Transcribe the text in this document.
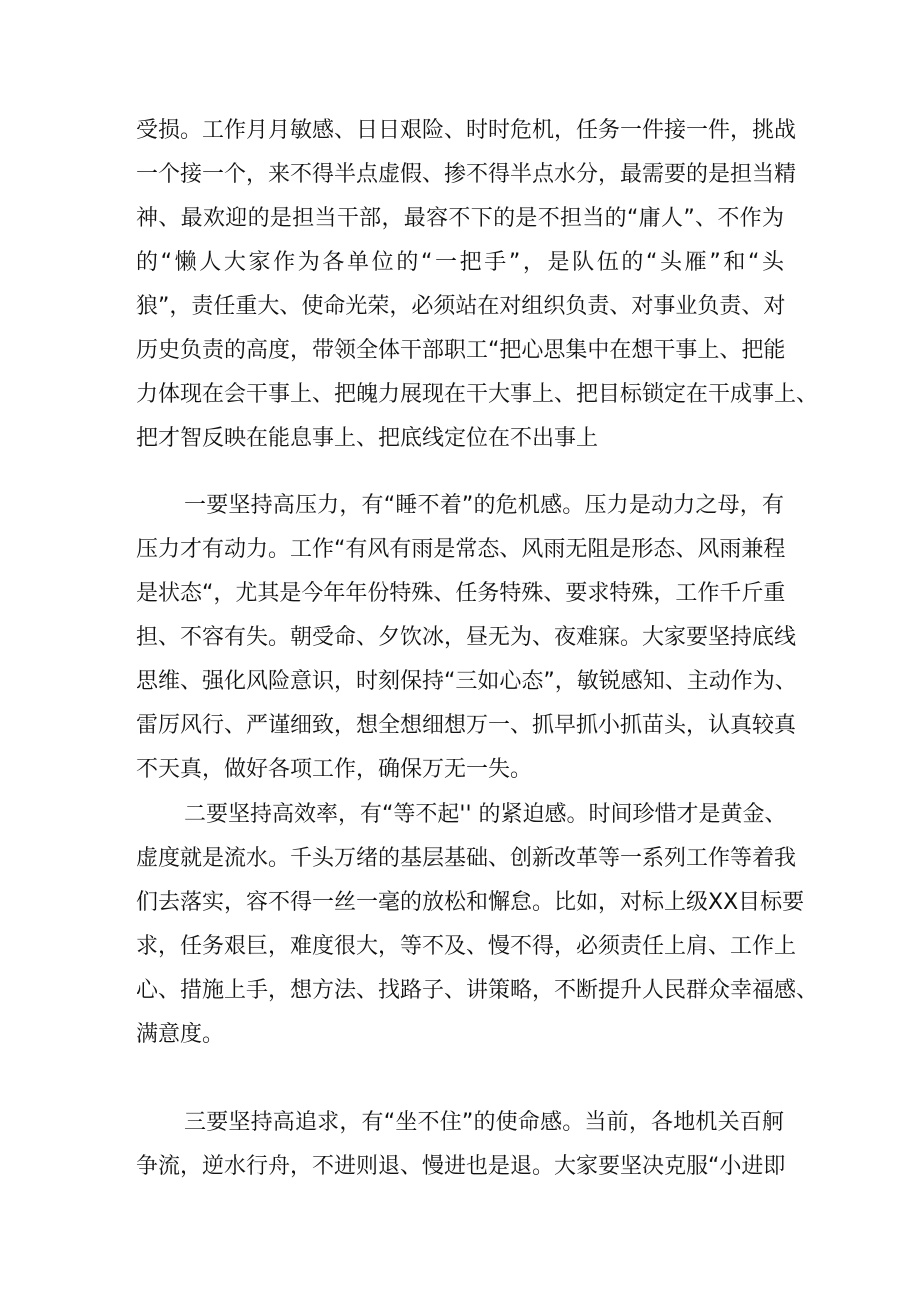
受损。工作月月敏感、日日艰险、时时危机，任务一件接一件，挑战
一个接一个，来不得半点虚假、掺不得半点水分，最需要的是担当精
神、最欢迎的是担当干部，最容不下的是不担当的“庸人”、不作为
的“懒人大家作为各单位的“一把手”，是队伍的“头雁”和“头
狼”，责任重大、使命光荣，必须站在对组织负责、对事业负责、对
历史负责的高度，带领全体干部职工“把心思集中在想干事上、把能
力体现在会干事上、把魄力展现在干大事上、把目标锁定在干成事上、
把才智反映在能息事上、把底线定位在不出事上
一要坚持高压力，有“睡不着”的危机感。压力是动力之母，有
压力才有动力。工作“有风有雨是常态、风雨无阻是形态、风雨兼程
是状态“，尤其是今年年份特殊、任务特殊、要求特殊，工作千斤重
担、不容有失。朝受命、夕饮冰，昼无为、夜难寐。大家要坚持底线
思维、强化风险意识，时刻保持“三如心态”，敏锐感知、主动作为、
雷厉风行、严谨细致，想全想细想万一、抓早抓小抓苗头，认真较真
不天真，做好各项工作，确保万无一失。
二要坚持高效率，有“等不起'' 的紧迫感。时间珍惜才是黄金、
虚度就是流水。千头万绪的基层基础、创新改革等一系列工作等着我
们去落实，容不得一丝一毫的放松和懈怠。比如，对标上级XX目标要
求，任务艰巨，难度很大，等不及、慢不得，必须责任上肩、工作上
心、措施上手，想方法、找路子、讲策略，不断提升人民群众幸福感、
满意度。
三要坚持高追求，有“坐不住”的使命感。当前，各地机关百舸
争流，逆水行舟，不进则退、慢进也是退。大家要坚决克服“小进即
